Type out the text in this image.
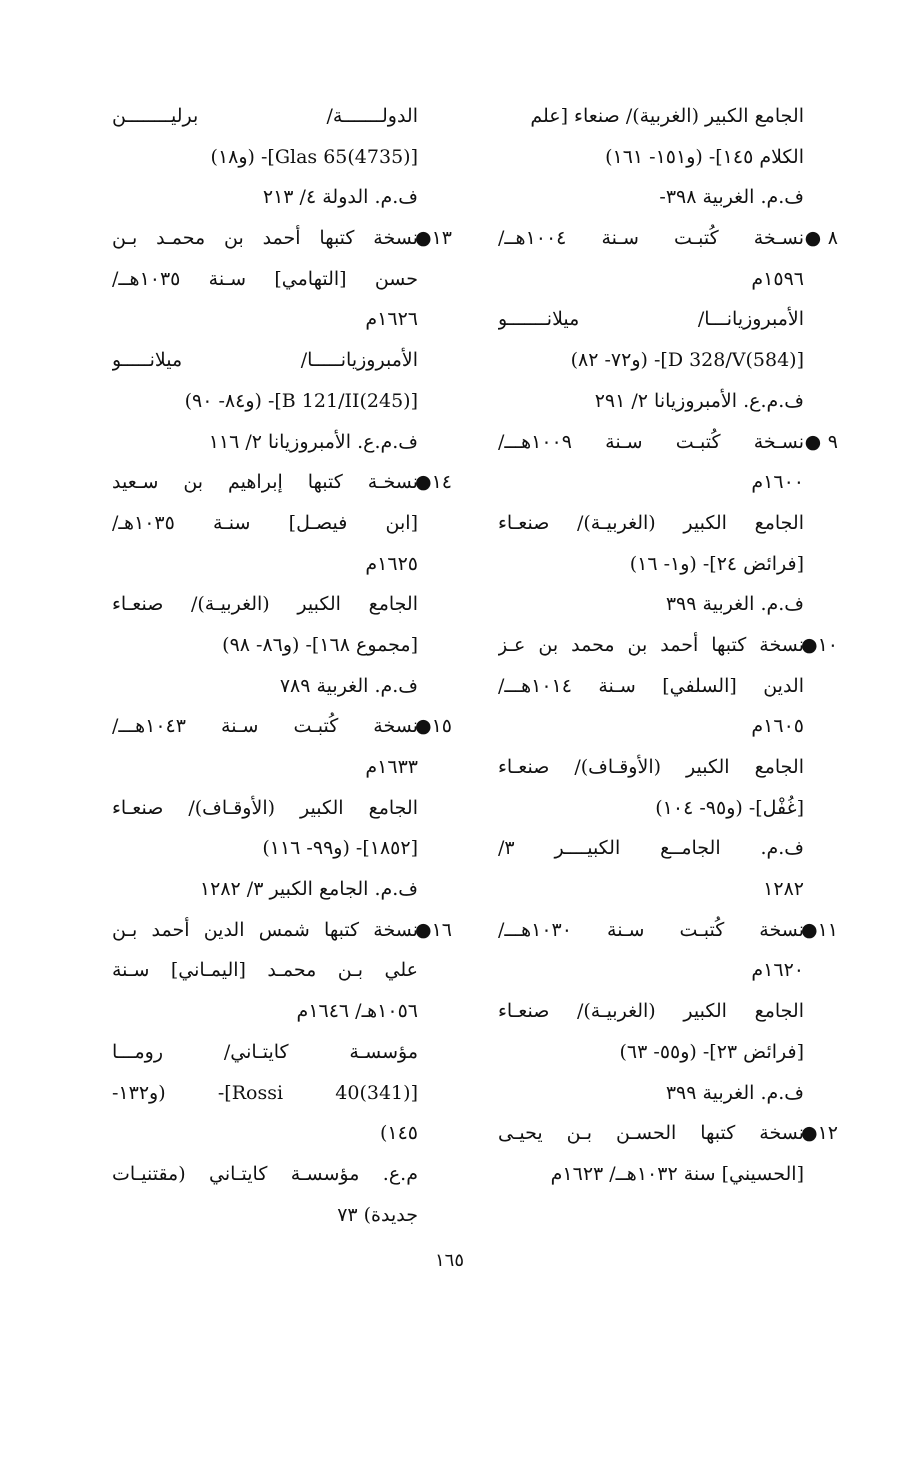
الجامع الكبير (الغربية)/ صنعاء [علم
الكلام ١٤٥]- (و١٥١- ١٦١)
ف.م. الغربية ٣٩٨-
٨ ●نسـخة كُتبـت سـنة ١٠٠٤هــ/
١٥٩٦م
الأمبروزيانـــا/ ميلانـــــــو
[D 328/V(584)]- (و٧٢- ٨٢)
ف.م.ع. الأمبروزيانا ٢/ ٢٩١
٩ ●نسـخة كُتبـت سـنة ١٠٠٩هـــ/
١٦٠٠م
الجامع الكبير (الغربيـة)/ صنعـاء
[فرائض ٢٤]- (و١- ١٦)
ف.م. الغربية ٣٩٩
١٠●نسخة كتبها أحمد بن محمد بن عـز
الدين [السلفي] سـنة ١٠١٤هـــ/
١٦٠٥م
الجامع الكبير (الأوقـاف)/ صنعـاء
[غُفْل]- (و٩٥- ١٠٤)
ف.م. الجامــع الكبيــــر ٣/
١٢٨٢
١١●نسخة كُتبـت سـنة ١٠٣٠هـــ/
١٦٢٠م
الجامع الكبير (الغربيـة)/ صنعـاء
[فرائض ٢٣]- (و٥٥- ٦٣)
ف.م. الغربية ٣٩٩
١٢●نسخة كتبها الحسـن بـن يحيـى
[الحسيني] سنة ١٠٣٢هــ/ ١٦٢٣م
الدولـــــــة/ برليــــــــن
[Glas 65(4735)]- (و١٨)
ف.م. الدولة ٤/ ٢١٣
١٣●نسخة كتبها أحمد بن محمـد بـن
حسن [التهامي] سـنة ١٠٣٥هــ/
١٦٢٦م
الأمبروزيانـــــا/ ميلانـــــو
[B 121/II(245)]- (و٨٤- ٩٠)
ف.م.ع. الأمبروزيانا ٢/ ١١٦
١٤●نسخـة كتبها إبراهيم بن سـعيد
[ابن فيصـل] سنـة ١٠٣٥هـ/
١٦٢٥م
الجامع الكبير (الغربيـة)/ صنعـاء
[مجموع ١٦٨]- (و٨٦- ٩٨)
ف.م. الغربية ٧٨٩
١٥●نسخة كُتبـت سـنة ١٠٤٣هـــ/
١٦٣٣م
الجامع الكبير (الأوقـاف)/ صنعـاء
[١٨٥٢]- (و٩٩- ١١٦)
ف.م. الجامع الكبير ٣/ ١٢٨٢
١٦●نسخة كتبها شمس الدين أحمد بـن
علي بـن محمـد [اليمـاني] سـنة
١٠٥٦هـ/ ١٦٤٦م
مؤسسـة كايتـاني/ رومـــا
[Rossi 40(341)]- (و١٣٢-
١٤٥)
م.ع. مؤسسـة كايتـاني (مقتنيـات
جديدة) ٧٣
١٦٥
